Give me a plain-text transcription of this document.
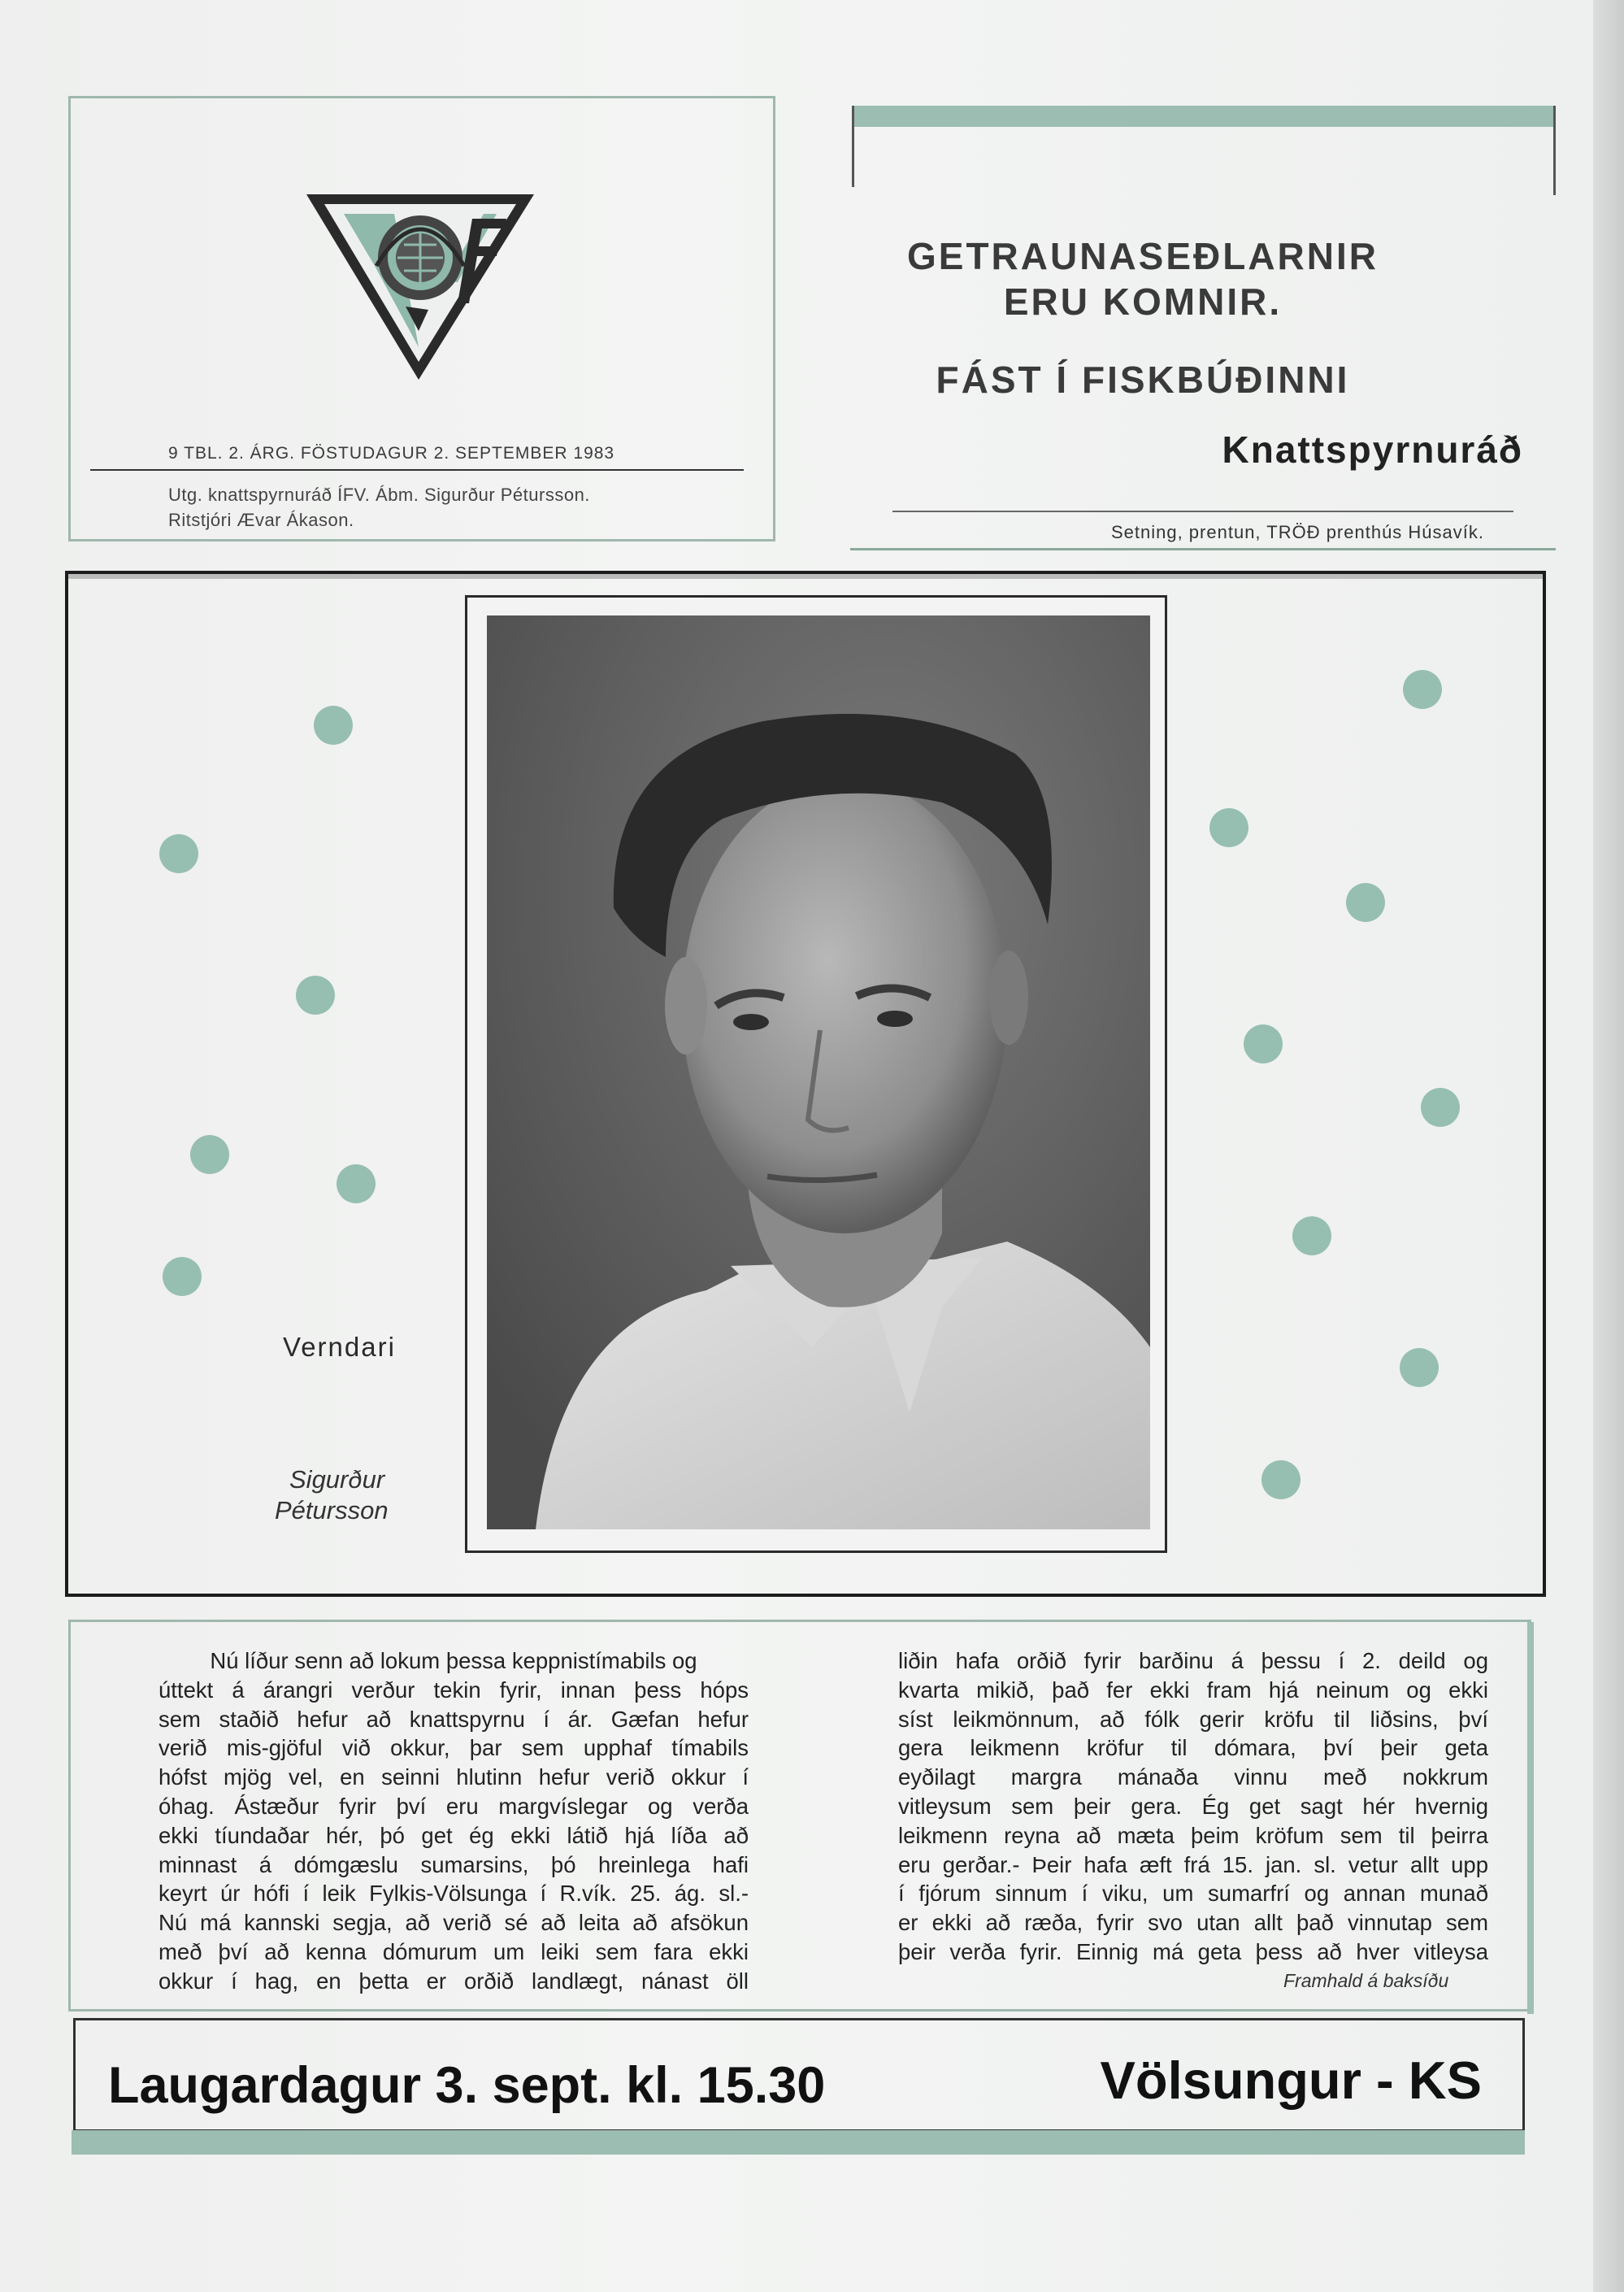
9 TBL. 2. ÁRG. FÖSTUDAGUR 2. SEPTEMBER 1983
Utg. knattspyrnuráð ÍFV. Ábm. Sigurður Pétursson.
Ritstjóri Ævar Ákason.
GETRAUNASEÐLARNIR
ERU KOMNIR.
FÁST Í FISKBÚÐINNI
Knattspyrnuráð
Setning, prentun, TRÖÐ prenthús Húsavík.
Verndari
Sigurður
Pétursson
Nú líður senn að lokum þessa keppnistímabils og
úttekt á árangri verður tekin fyrir, innan þess hóps
sem staðið hefur að knattspyrnu í ár. Gæfan hefur
verið mis-gjöful við okkur, þar sem upphaf tímabils
hófst mjög vel, en seinni hlutinn hefur verið okkur í
óhag. Ástæður fyrir því eru margvíslegar og verða
ekki tíundaðar hér, þó get ég ekki látið hjá líða að
minnast á dómgæslu sumarsins, þó hreinlega hafi
keyrt úr hófi í leik Fylkis-Völsunga í R.vík. 25. ág. sl.-
Nú má kannski segja, að verið sé að leita að afsökun
með því að kenna dómurum um leiki sem fara ekki
okkur í hag, en þetta er orðið landlægt, nánast öll
liðin hafa orðið fyrir barðinu á þessu í 2. deild og
kvarta mikið, það fer ekki fram hjá neinum og ekki
síst leikmönnum, að fólk gerir kröfu til liðsins, því
gera leikmenn kröfur til dómara, því þeir geta
eyðilagt margra mánaða vinnu með nokkrum
vitleysum sem þeir gera. Ég get sagt hér hvernig
leikmenn reyna að mæta þeim kröfum sem til þeirra
eru gerðar.- Þeir hafa æft frá 15. jan. sl. vetur allt upp
í fjórum sinnum í viku, um sumarfrí og annan munað
er ekki að ræða, fyrir svo utan allt það vinnutap sem
þeir verða fyrir. Einnig má geta þess að hver vitleysa
Framhald á baksíðu
Laugardagur 3. sept. kl. 15.30	Völsungur - KS
